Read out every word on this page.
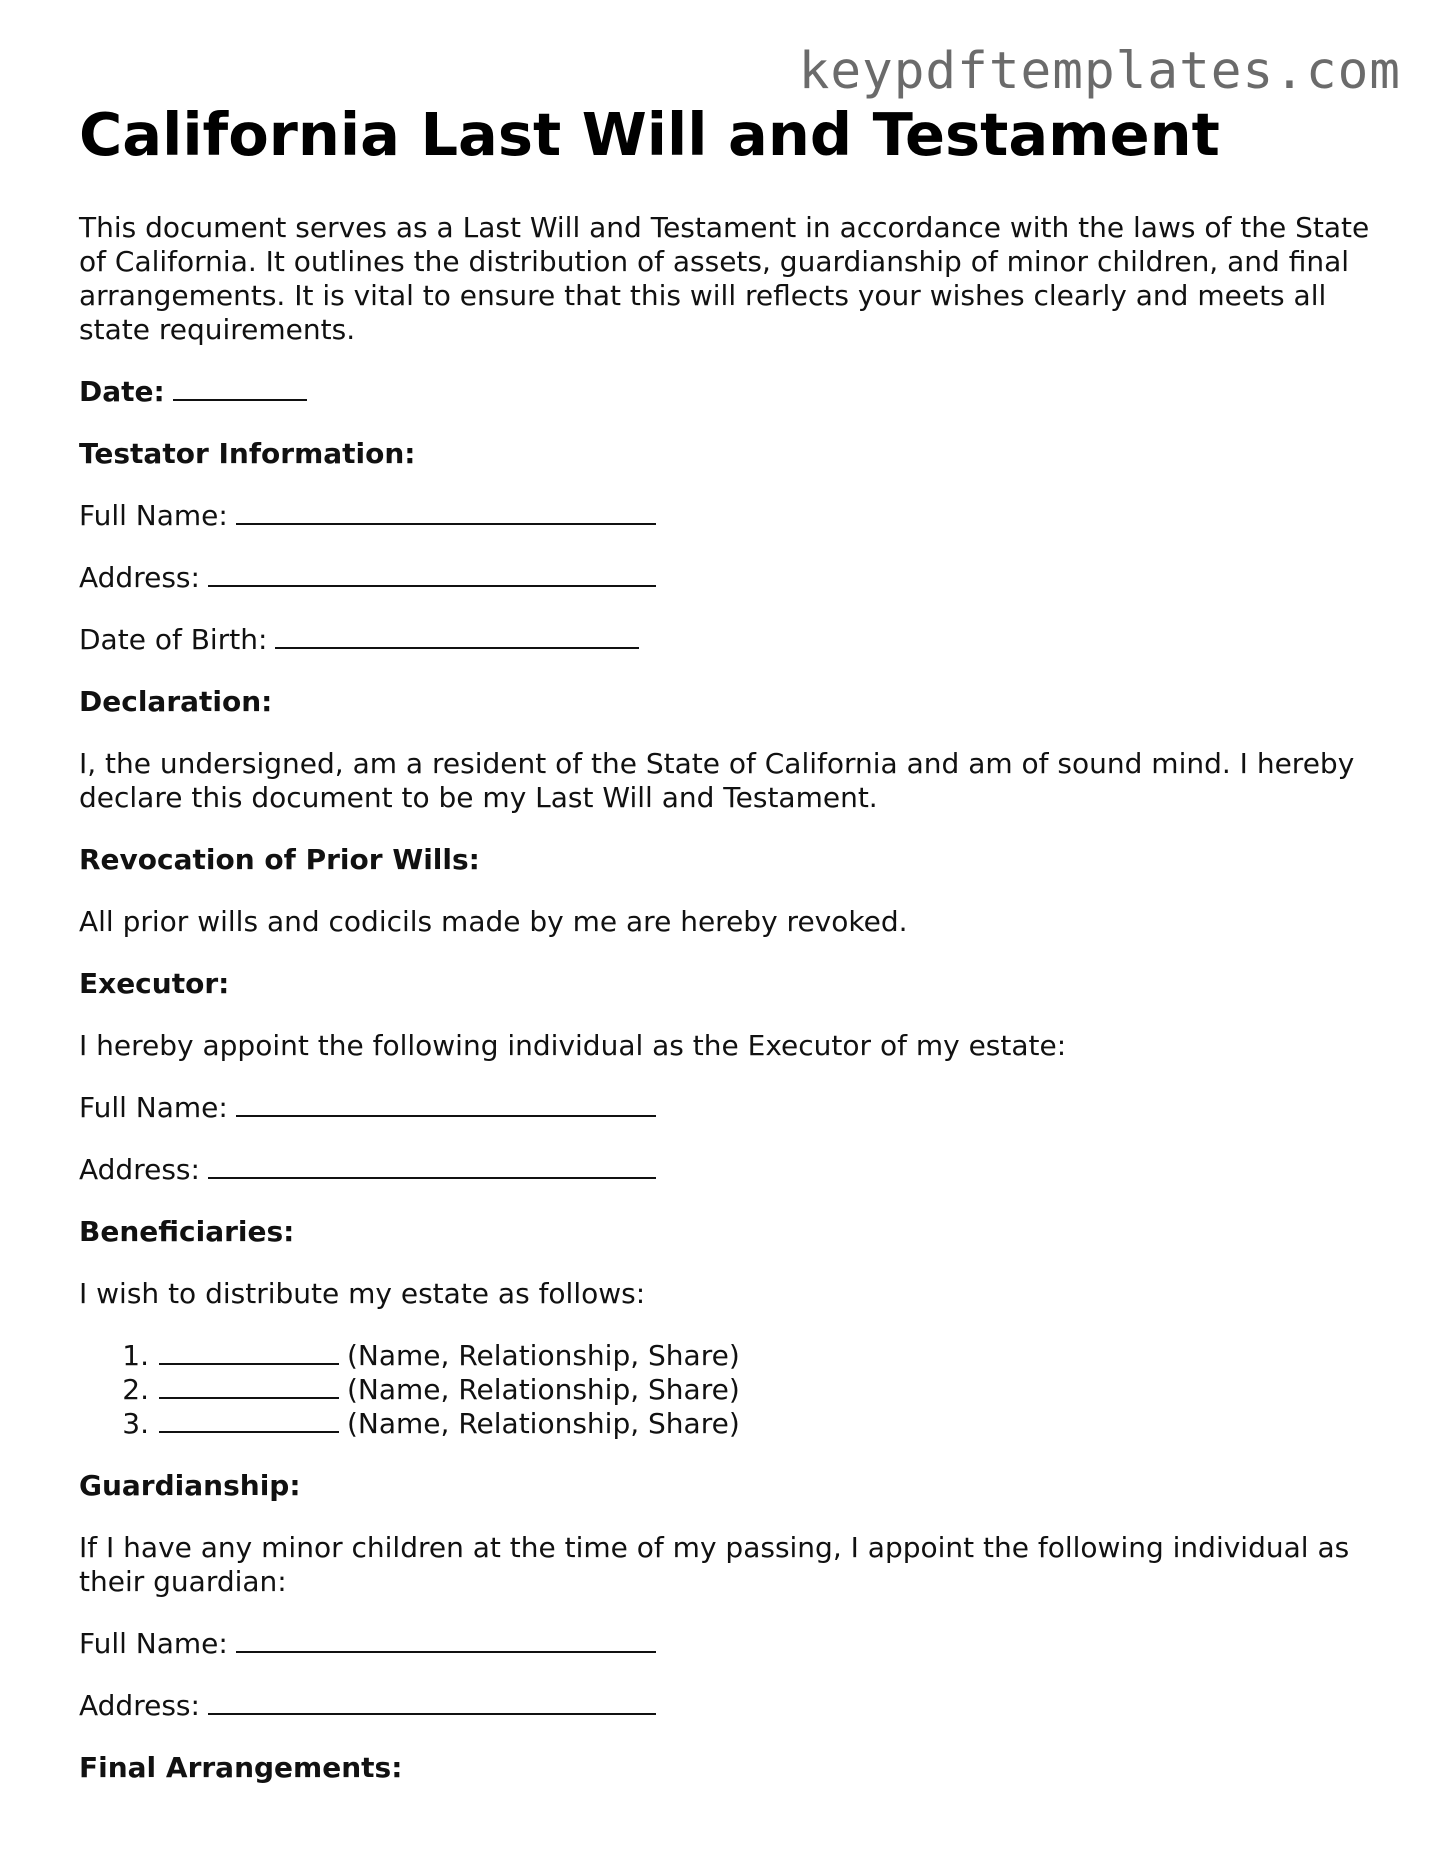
keypdftemplates.com
California Last Will and Testament

This document serves as a Last Will and Testament in accordance with the laws of the State of California. It outlines the distribution of assets, guardianship of minor children, and final arrangements. It is vital to ensure that this will reflects your wishes clearly and meets all state requirements.

Date:

Testator Information:

Full Name:

Address:

Date of Birth:

Declaration:

I, the undersigned, am a resident of the State of California and am of sound mind. I hereby declare this document to be my Last Will and Testament.

Revocation of Prior Wills:

All prior wills and codicils made by me are hereby revoked.

Executor:

I hereby appoint the following individual as the Executor of my estate:

Full Name:

Address:

Beneficiaries:

I wish to distribute my estate as follows:

1.	(Name, Relationship, Share)
2.	(Name, Relationship, Share)
3.	(Name, Relationship, Share)

Guardianship:

If I have any minor children at the time of my passing, I appoint the following individual as their guardian:

Full Name:

Address:

Final Arrangements:
